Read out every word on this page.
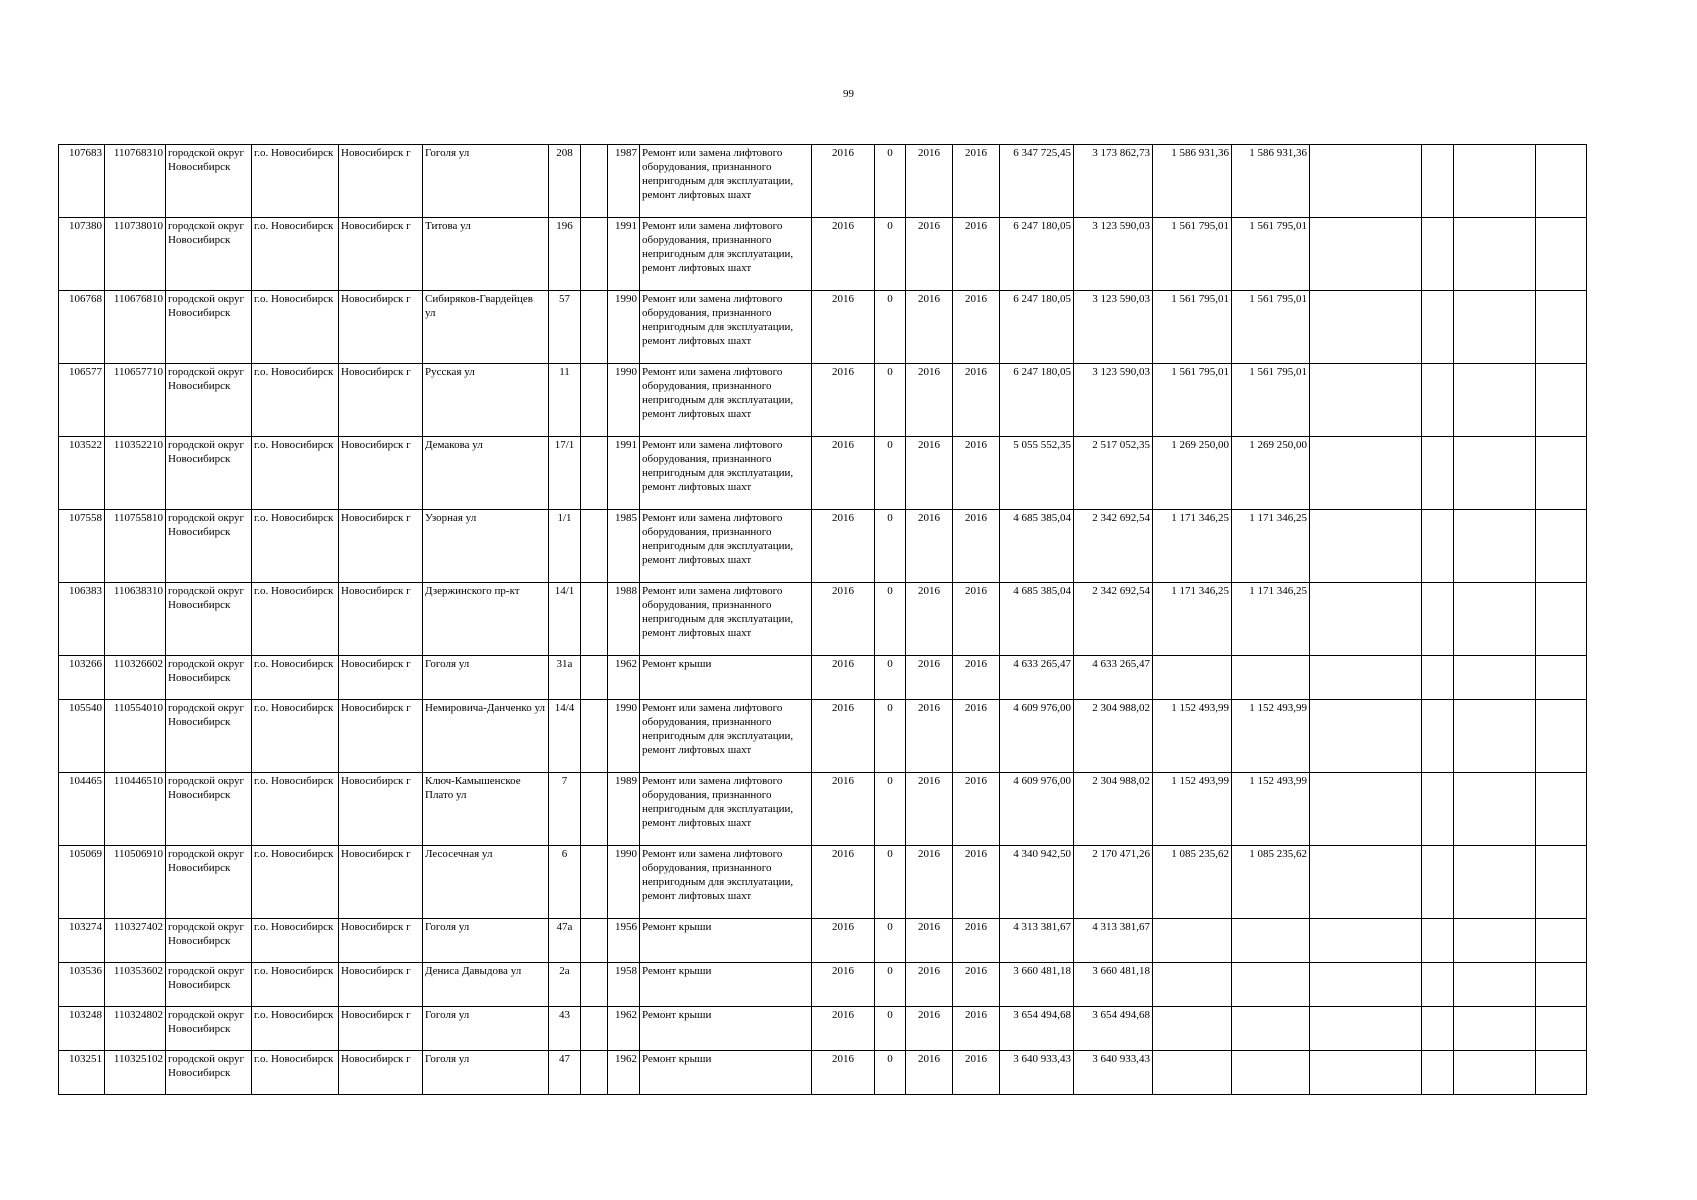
99
107683	110768310	городской округ Новосибирск	г.о. Новосибирск	Новосибирск г	Гоголя ул	208		1987	Ремонт или замена лифтового оборудования, признанного непригодным для эксплуатации, ремонт лифтовых шахт	2016	0	2016	2016	6 347 725,45	3 173 862,73	1 586 931,36	1 586 931,36				
107380	110738010	городской округ Новосибирск	г.о. Новосибирск	Новосибирск г	Титова ул	196		1991	Ремонт или замена лифтового оборудования, признанного непригодным для эксплуатации, ремонт лифтовых шахт	2016	0	2016	2016	6 247 180,05	3 123 590,03	1 561 795,01	1 561 795,01				
106768	110676810	городской округ Новосибирск	г.о. Новосибирск	Новосибирск г	Сибиряков-Гвардейцев ул	57		1990	Ремонт или замена лифтового оборудования, признанного непригодным для эксплуатации, ремонт лифтовых шахт	2016	0	2016	2016	6 247 180,05	3 123 590,03	1 561 795,01	1 561 795,01				
106577	110657710	городской округ Новосибирск	г.о. Новосибирск	Новосибирск г	Русская ул	11		1990	Ремонт или замена лифтового оборудования, признанного непригодным для эксплуатации, ремонт лифтовых шахт	2016	0	2016	2016	6 247 180,05	3 123 590,03	1 561 795,01	1 561 795,01				
103522	110352210	городской округ Новосибирск	г.о. Новосибирск	Новосибирск г	Демакова ул	17/1		1991	Ремонт или замена лифтового оборудования, признанного непригодным для эксплуатации, ремонт лифтовых шахт	2016	0	2016	2016	5 055 552,35	2 517 052,35	1 269 250,00	1 269 250,00				
107558	110755810	городской округ Новосибирск	г.о. Новосибирск	Новосибирск г	Узорная ул	1/1		1985	Ремонт или замена лифтового оборудования, признанного непригодным для эксплуатации, ремонт лифтовых шахт	2016	0	2016	2016	4 685 385,04	2 342 692,54	1 171 346,25	1 171 346,25				
106383	110638310	городской округ Новосибирск	г.о. Новосибирск	Новосибирск г	Дзержинского пр-кт	14/1		1988	Ремонт или замена лифтового оборудования, признанного непригодным для эксплуатации, ремонт лифтовых шахт	2016	0	2016	2016	4 685 385,04	2 342 692,54	1 171 346,25	1 171 346,25				
103266	110326602	городской округ Новосибирск	г.о. Новосибирск	Новосибирск г	Гоголя ул	31а		1962	Ремонт крыши	2016	0	2016	2016	4 633 265,47	4 633 265,47						
105540	110554010	городской округ Новосибирск	г.о. Новосибирск	Новосибирск г	Немировича-Данченко ул	14/4		1990	Ремонт или замена лифтового оборудования, признанного непригодным для эксплуатации, ремонт лифтовых шахт	2016	0	2016	2016	4 609 976,00	2 304 988,02	1 152 493,99	1 152 493,99				
104465	110446510	городской округ Новосибирск	г.о. Новосибирск	Новосибирск г	Ключ-Камышенское Плато ул	7		1989	Ремонт или замена лифтового оборудования, признанного непригодным для эксплуатации, ремонт лифтовых шахт	2016	0	2016	2016	4 609 976,00	2 304 988,02	1 152 493,99	1 152 493,99				
105069	110506910	городской округ Новосибирск	г.о. Новосибирск	Новосибирск г	Лесосечная ул	6		1990	Ремонт или замена лифтового оборудования, признанного непригодным для эксплуатации, ремонт лифтовых шахт	2016	0	2016	2016	4 340 942,50	2 170 471,26	1 085 235,62	1 085 235,62				
103274	110327402	городской округ Новосибирск	г.о. Новосибирск	Новосибирск г	Гоголя ул	47а		1956	Ремонт крыши	2016	0	2016	2016	4 313 381,67	4 313 381,67						
103536	110353602	городской округ Новосибирск	г.о. Новосибирск	Новосибирск г	Дениса Давыдова ул	2а		1958	Ремонт крыши	2016	0	2016	2016	3 660 481,18	3 660 481,18						
103248	110324802	городской округ Новосибирск	г.о. Новосибирск	Новосибирск г	Гоголя ул	43		1962	Ремонт крыши	2016	0	2016	2016	3 654 494,68	3 654 494,68						
103251	110325102	городской округ Новосибирск	г.о. Новосибирск	Новосибирск г	Гоголя ул	47		1962	Ремонт крыши	2016	0	2016	2016	3 640 933,43	3 640 933,43						
